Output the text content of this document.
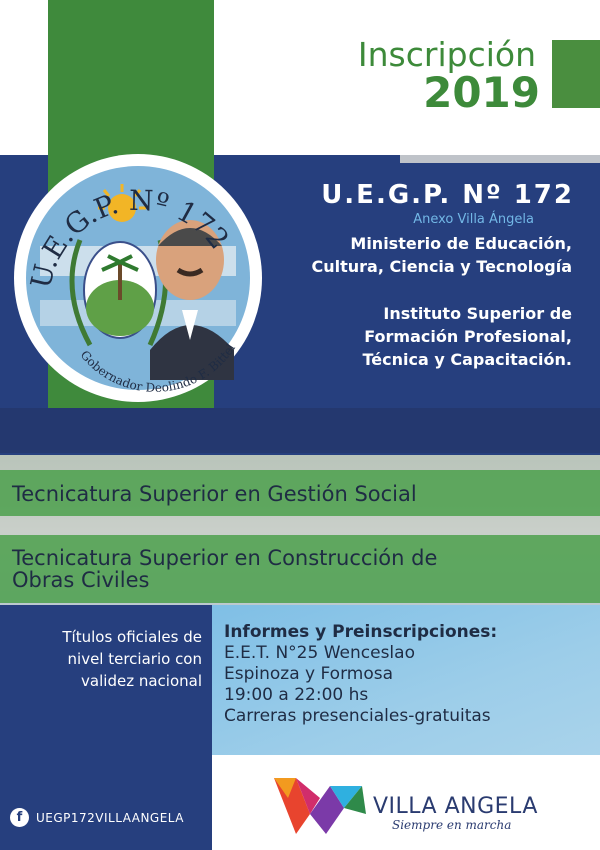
Inscripción
2019
U.E.G.P. Nº 172
Gobernador Deolindo F. Bittel
U.E.G.P. Nº 172
Anexo Villa Ángela
Ministerio de Educación,
Cultura, Ciencia y Tecnología
Instituto Superior de
Formación Profesional,
Técnica y Capacitación.
Tecnicatura Superior en Gestión Social
Tecnicatura Superior en Construcción de
Obras Civiles
Títulos oficiales de
nivel terciario con
validez nacional
Informes y Preinscripciones:
E.E.T. N°25 Wenceslao
Espinoza y Formosa
19:00 a 22:00 hs
Carreras presenciales-gratuitas
f	UEGP172VILLAANGELA	VILLA ANGELA
Siempre en marcha
